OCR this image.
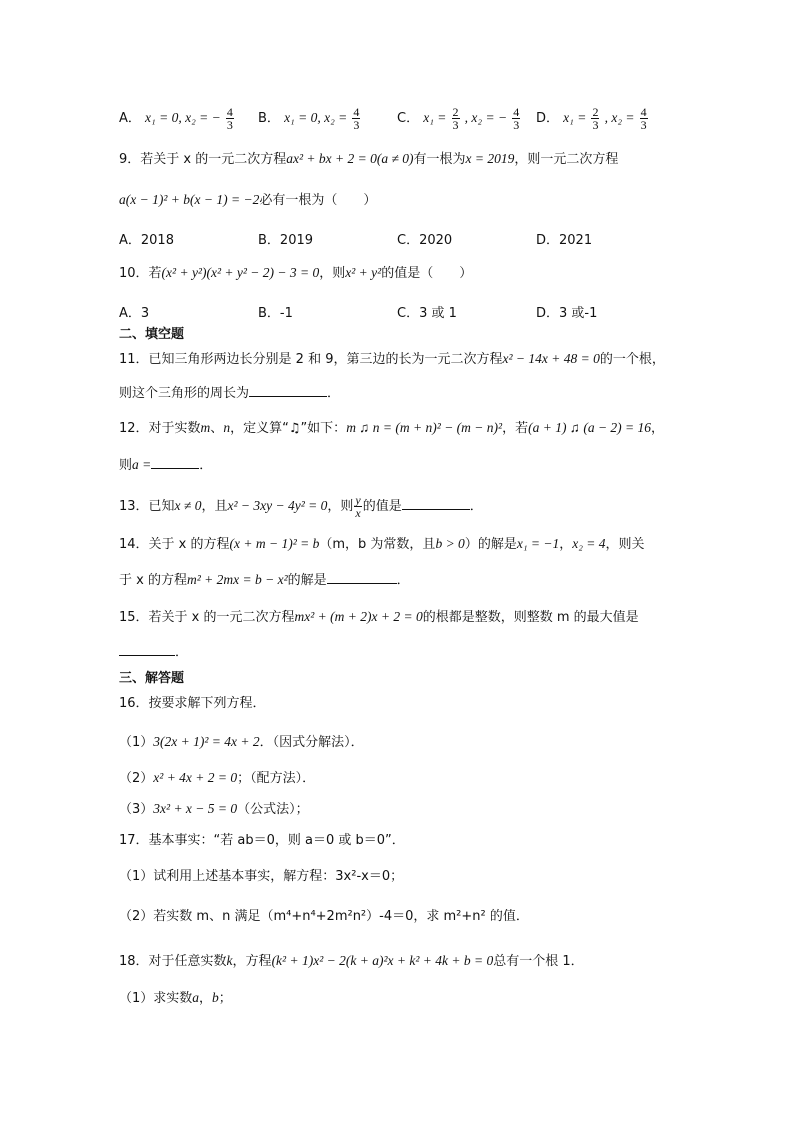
A． x₁ = 0, x₂ = − $\frac{4}{3}$ B． x₁ = 0, $x_2 = \frac{4}{3}$	C． $x_1 = \frac{2}{3}$ , x₂ = − $\frac{4}{3}$ D． $x_1 = \frac{2}{3}$ , $x_2 = \frac{4}{3}$
9．若关于 x 的一元二次方程ax² + bx + 2 = 0(a ≠ 0)有一根为x = 2019，则一元二次方程
a(x − 1)² + b(x − 1) = −2必有一根为（　　）
A．2018	B．2019	C．2020	D．2021
10．若(x² + y²)(x² + y² − 2) − 3 = 0，则x² + y²的值是（　　）
A．3	B．-1	C．3 或 1	D．3 或-1
二、填空题
11．已知三角形两边长分别是 2 和 9，第三边的长为一元二次方程x² − 14x + 48 = 0的一个根，
则这个三角形的周长为	．
12．对于实数m、n，定义算“♫”如下：m ♫ n = (m + n)² − (m − n)²，若(a + 1) ♫ (a − 2) = 16，
则a =	．
13．已知x ≠ 0，且x² − 3xy − 4y² = 0，则 $\frac{y}{x}$ 的值是	．
14．关于 x 的方程(x + m − 1)² = b（m，b 为常数，且b > 0）的解是x₁ = −1，x₂ = 4，则关
于 x 的方程m² + 2mx = b − x²的解是	．
15．若关于 x 的一元二次方程mx² + (m + 2)x + 2 = 0的根都是整数，则整数 m 的最大值是
．
三、解答题
16．按要求解下列方程．
（1）3(2x + 1)² = 4x + 2．（因式分解法）．
（2）x² + 4x + 2 = 0；（配方法）．
（3）3x² + x − 5 = 0（公式法）；
17．基本事实：“若 ab＝0，则 a＝0 或 b＝0”．
（1）试利用上述基本事实，解方程：3x²-x＝0；
（2）若实数 m、n 满足（m⁴+n⁴+2m²n²）-4＝0，求 m²+n² 的值．
18．对于任意实数k，方程(k² + 1)x² − 2(k + a)²x + k² + 4k + b = 0总有一个根 1．
（1）求实数a，b；
